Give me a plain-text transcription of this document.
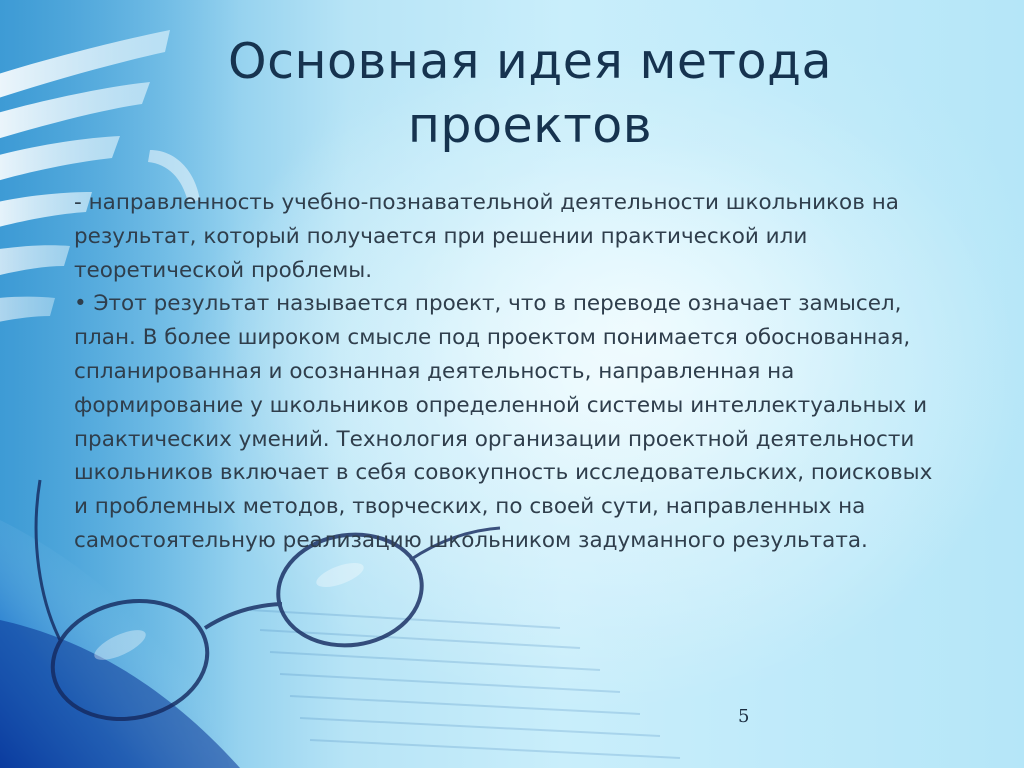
Основная идея метода
проектов

- направленность учебно-познавательной деятельности школьников на результат, который получается при решении практической или теоретической проблемы.

• Этот результат называется проект, что в переводе означает замысел, план. В более широком смысле под проектом понимается обоснованная, спланированная и осознанная деятельность, направленная на формирование у школьников определенной системы интеллектуальных и практических умений. Технология организации проектной деятельности школьников включает в себя совокупность исследовательских, поисковых и проблемных методов, творческих, по своей сути, направленных на самостоятельную реализацию школьником задуманного результата.

5
